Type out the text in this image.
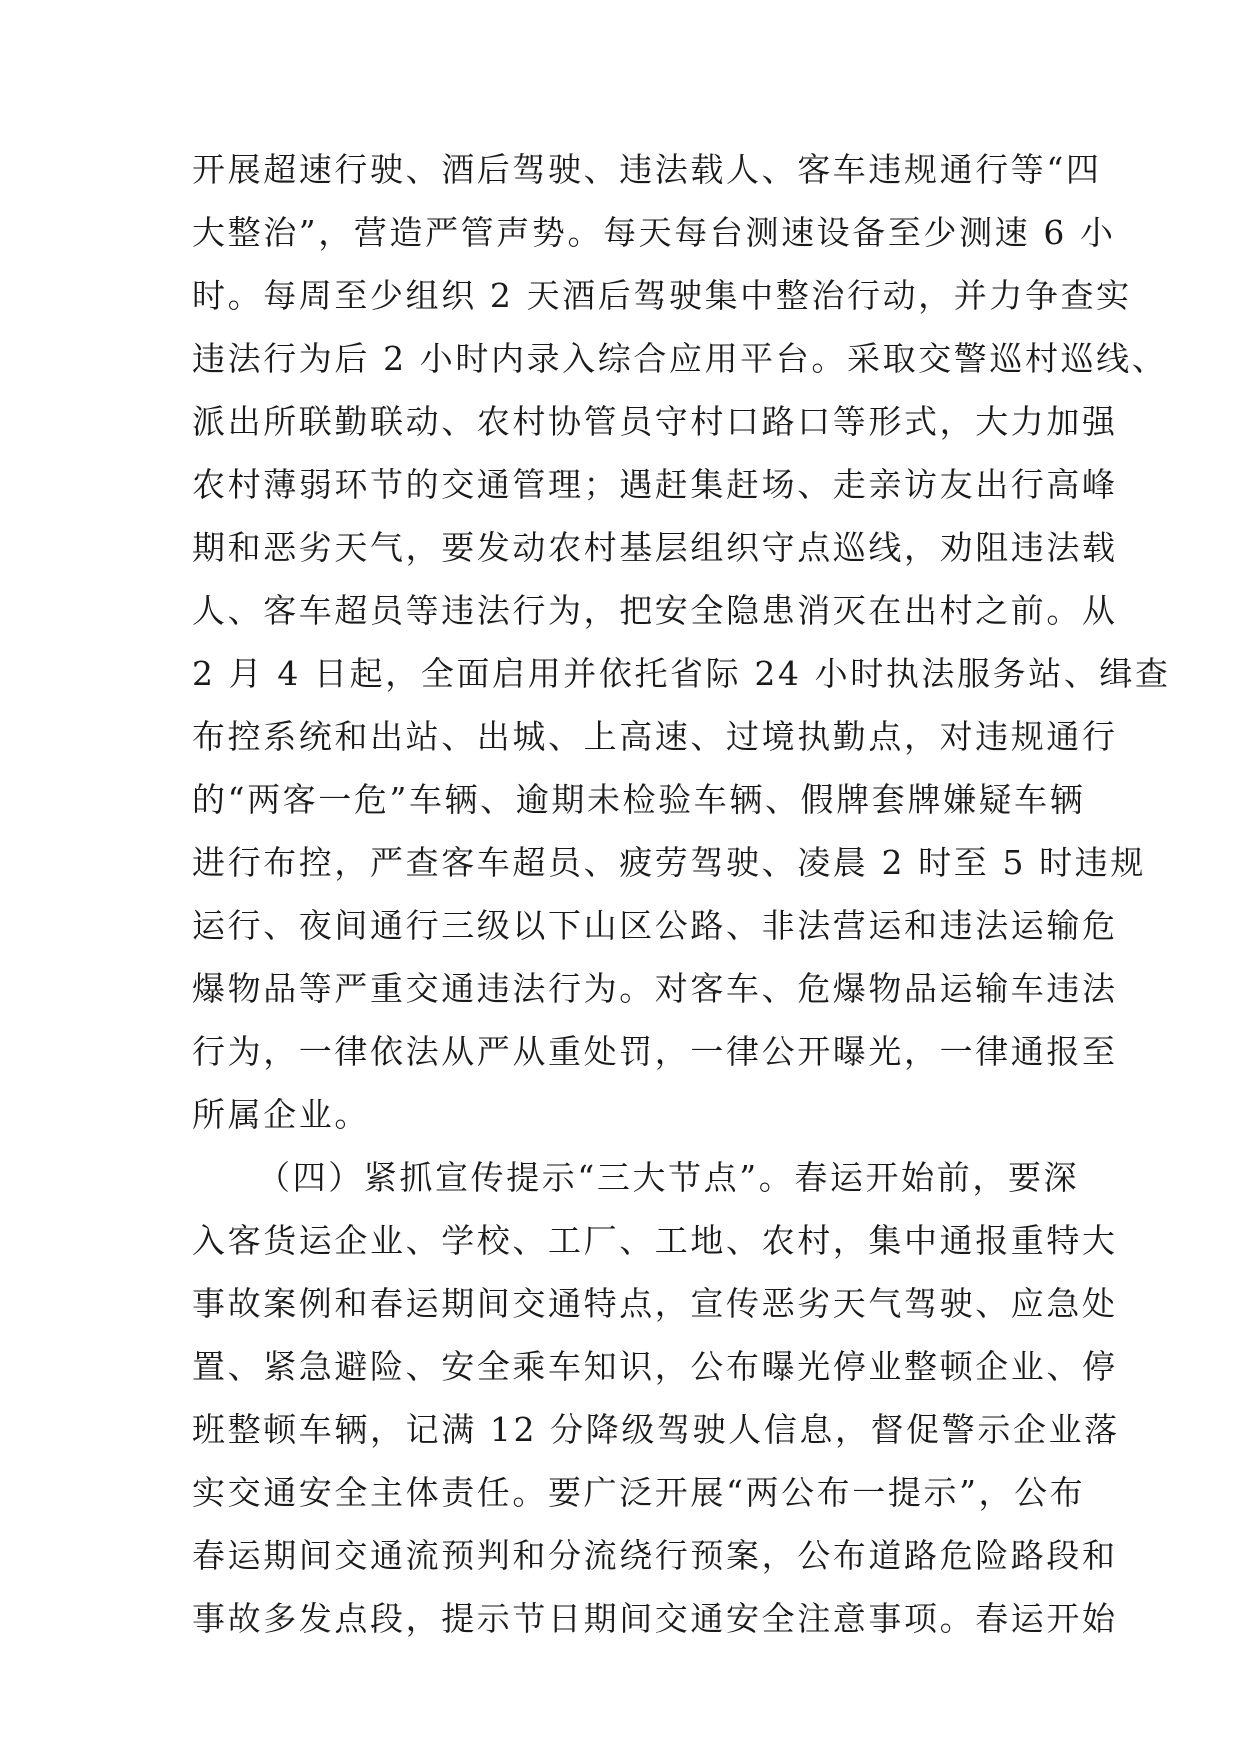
开展超速行驶、酒后驾驶、违法载人、客车违规通行等“四
大整治”，营造严管声势。每天每台测速设备至少测速 6 小
时。每周至少组织 2 天酒后驾驶集中整治行动，并力争查实
违法行为后 2 小时内录入综合应用平台。采取交警巡村巡线、
派出所联勤联动、农村协管员守村口路口等形式，大力加强
农村薄弱环节的交通管理；遇赶集赶场、走亲访友出行高峰
期和恶劣天气，要发动农村基层组织守点巡线，劝阻违法载
人、客车超员等违法行为，把安全隐患消灭在出村之前。从
2 月 4 日起，全面启用并依托省际 24 小时执法服务站、缉查
布控系统和出站、出城、上高速、过境执勤点，对违规通行
的“两客一危”车辆、逾期未检验车辆、假牌套牌嫌疑车辆
进行布控，严查客车超员、疲劳驾驶、凌晨 2 时至 5 时违规
运行、夜间通行三级以下山区公路、非法营运和违法运输危
爆物品等严重交通违法行为。对客车、危爆物品运输车违法
行为，一律依法从严从重处罚，一律公开曝光，一律通报至
所属企业。
（四）紧抓宣传提示“三大节点”。春运开始前，要深
入客货运企业、学校、工厂、工地、农村，集中通报重特大
事故案例和春运期间交通特点，宣传恶劣天气驾驶、应急处
置、紧急避险、安全乘车知识，公布曝光停业整顿企业、停
班整顿车辆，记满 12 分降级驾驶人信息，督促警示企业落
实交通安全主体责任。要广泛开展“两公布一提示”，公布
春运期间交通流预判和分流绕行预案，公布道路危险路段和
事故多发点段，提示节日期间交通安全注意事项。春运开始
